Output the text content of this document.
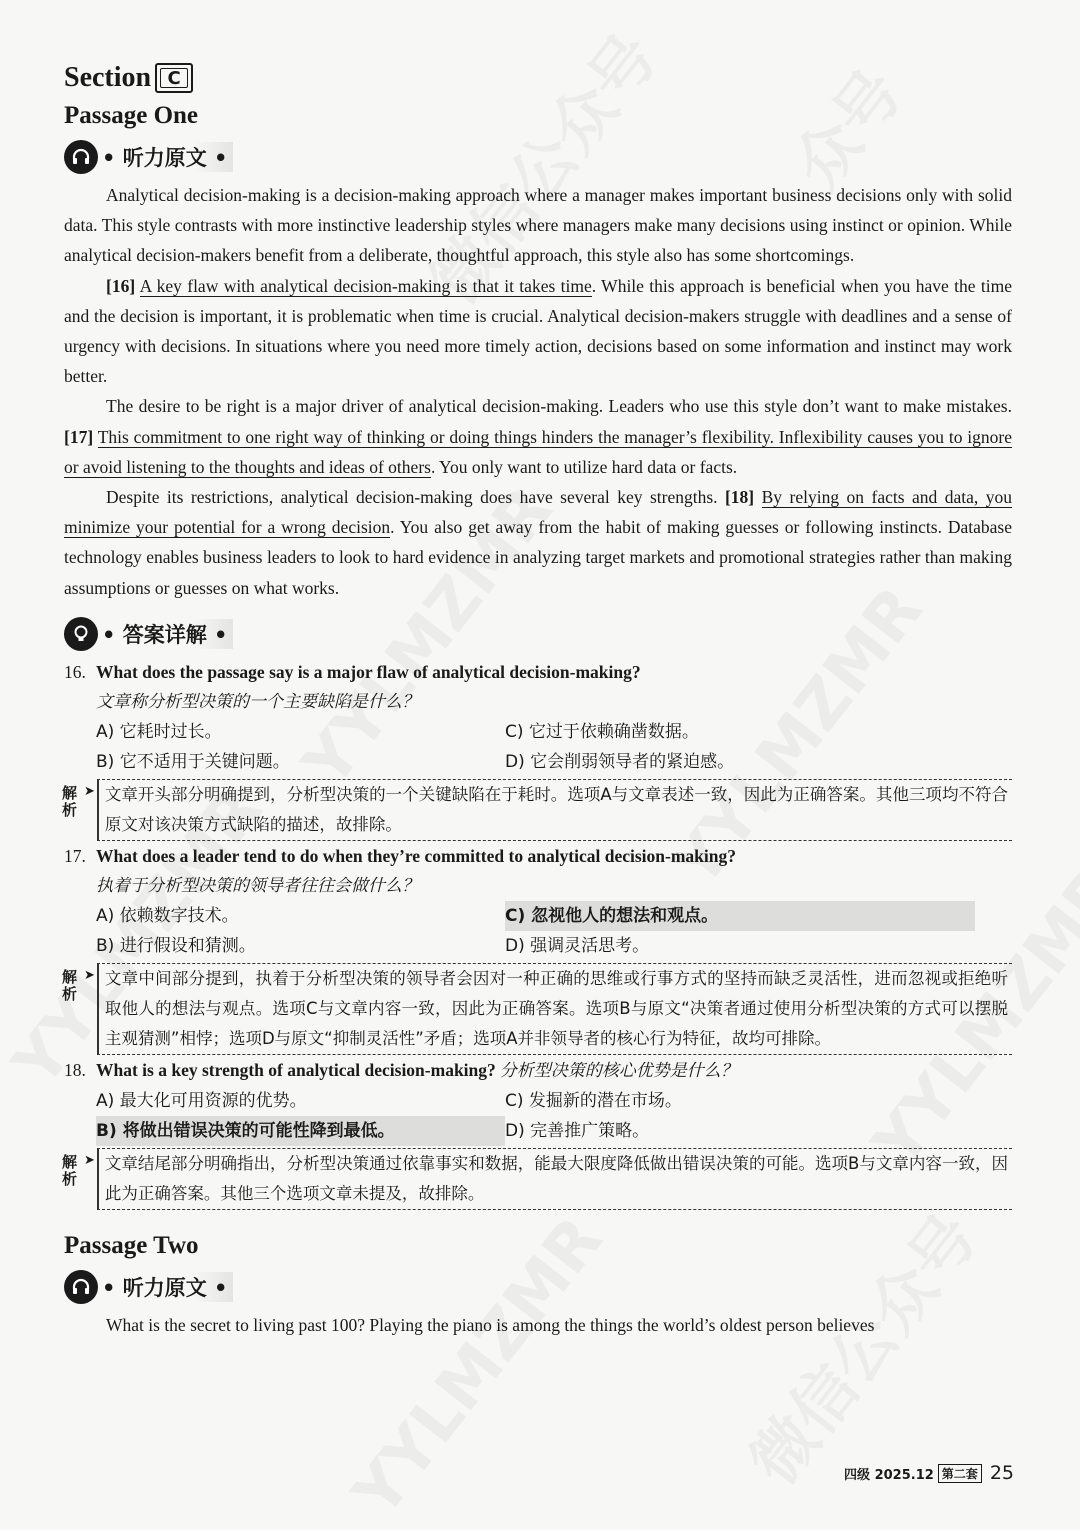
Section C
Passage One
• 听力原文 •

Analytical decision-making is a decision-making approach where a manager makes important business decisions only with solid data. This style contrasts with more instinctive leadership styles where managers make many decisions using instinct or opinion. While analytical decision-makers benefit from a deliberate, thoughtful approach, this style also has some shortcomings.

[16] A key flaw with analytical decision-making is that it takes time. While this approach is beneficial when you have the time and the decision is important, it is problematic when time is crucial. Analytical decision-makers struggle with deadlines and a sense of urgency with decisions. In situations where you need more timely action, decisions based on some information and instinct may work better.

The desire to be right is a major driver of analytical decision-making. Leaders who use this style don’t want to make mistakes. [17] This commitment to one right way of thinking or doing things hinders the manager’s flexibility. Inflexibility causes you to ignore or avoid listening to the thoughts and ideas of others. You only want to utilize hard data or facts.

Despite its restrictions, analytical decision-making does have several key strengths. [18] By relying on facts and data, you minimize your potential for a wrong decision. You also get away from the habit of making guesses or following instincts. Database technology enables business leaders to look to hard evidence in analyzing target markets and promotional strategies rather than making assumptions or guesses on what works.

• 答案详解 •
16. What does the passage say is a major flaw of analytical decision-making?
文章称分析型决策的一个主要缺陷是什么？
A) 它耗时过长。	C) 它过于依赖确凿数据。
B) 它不适用于关键问题。	D) 它会削弱领导者的紧迫感。
解
析
➤ 文章开头部分明确提到，分析型决策的一个关键缺陷在于耗时。选项A与文章表述一致，因此为正确答案。其他三项均不符合原文对该决策方式缺陷的描述，故排除。
17. What does a leader tend to do when they’re committed to analytical decision-making?
执着于分析型决策的领导者往往会做什么？
A) 依赖数字技术。	C) 忽视他人的想法和观点。
B) 进行假设和猜测。	D) 强调灵活思考。
解
析
➤ 文章中间部分提到，执着于分析型决策的领导者会因对一种正确的思维或行事方式的坚持而缺乏灵活性，进而忽视或拒绝听取他人的想法与观点。选项C与文章内容一致，因此为正确答案。选项B与原文“决策者通过使用分析型决策的方式可以摆脱主观猜测”相悖；选项D与原文“抑制灵活性”矛盾；选项A并非领导者的核心行为特征，故均可排除。
18. What is a key strength of analytical decision-making? 分析型决策的核心优势是什么？
A) 最大化可用资源的优势。	C) 发掘新的潜在市场。
B) 将做出错误决策的可能性降到最低。	D) 完善推广策略。
解
析
➤ 文章结尾部分明确指出，分析型决策通过依靠事实和数据，能最大限度降低做出错误决策的可能。选项B与文章内容一致，因此为正确答案。其他三个选项文章未提及，故排除。
Passage Two
• 听力原文 •

What is the secret to living past 100? Playing the piano is among the things the world’s oldest person believes

四级 2025.12 第二套 25
